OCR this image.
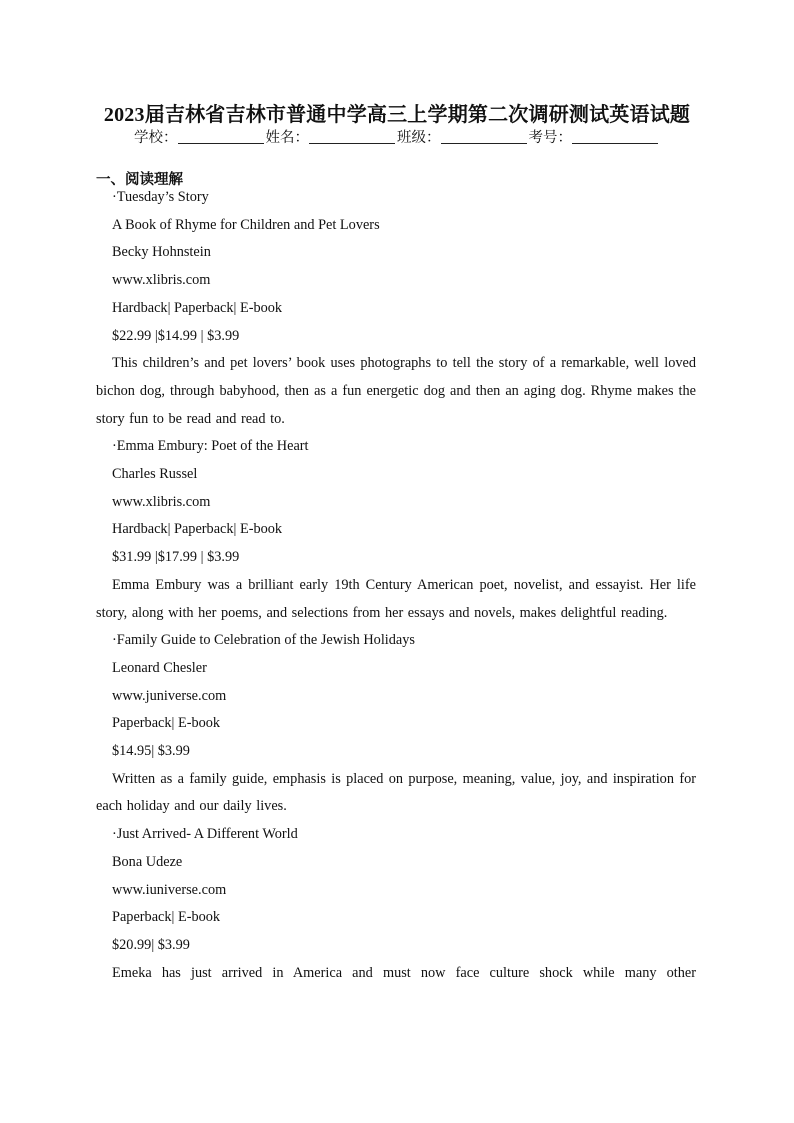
2023届吉林省吉林市普通中学高三上学期第二次调研测试英语试题
学校：	姓名：	班级：	考号：
一、阅读理解

·Tuesday’s Story

A Book of Rhyme for Children and Pet Lovers

Becky Hohnstein

www.xlibris.com

Hardback| Paperback| E-book

$22.99 |$14.99 | $3.99

This children’s and pet lovers’ book uses photographs to tell the story of a remarkable, well loved bichon dog, through babyhood, then as a fun energetic dog and then an aging dog. Rhyme makes the story fun to be read and read to.

·Emma Embury: Poet of the Heart

Charles Russel

www.xlibris.com

Hardback| Paperback| E-book

$31.99 |$17.99 | $3.99

Emma Embury was a brilliant early 19th Century American poet, novelist, and essayist. Her life story, along with her poems, and selections from her essays and novels, makes delightful reading.

·Family Guide to Celebration of the Jewish Holidays

Leonard Chesler

www.juniverse.com

Paperback| E-book

$14.95| $3.99

Written as a family guide, emphasis is placed on purpose, meaning, value, joy, and inspiration for each holiday and our daily lives.

·Just Arrived- A Different World

Bona Udeze

www.iuniverse.com

Paperback| E-book

$20.99| $3.99

Emeka has just arrived in America and must now face culture shock while many other
